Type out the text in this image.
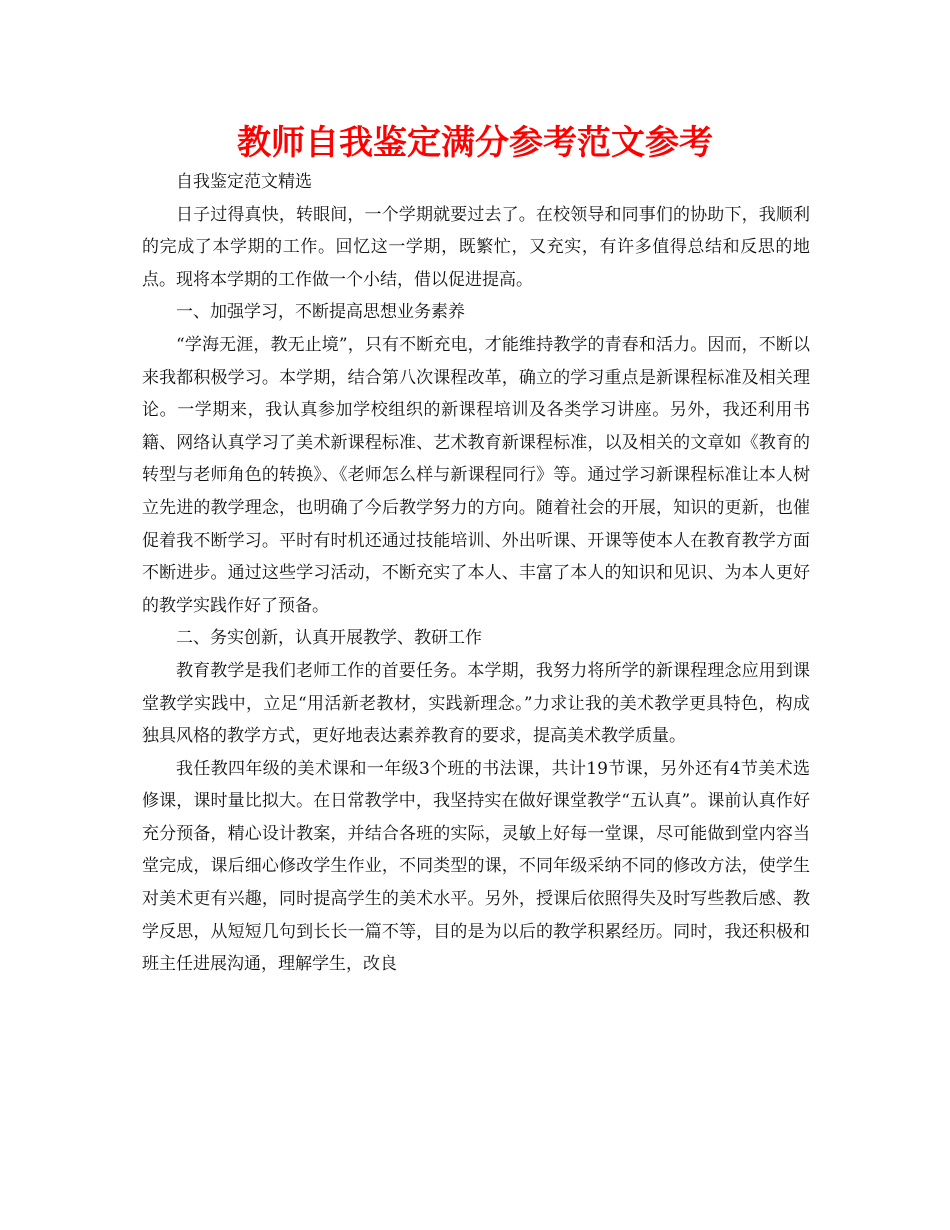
教师自我鉴定满分参考范文参考

自我鉴定范文精选

日子过得真快，转眼间，一个学期就要过去了。在校领导和同事们的协助下，我顺利的完成了本学期的工作。回忆这一学期，既繁忙，又充实，有许多值得总结和反思的地点。现将本学期的工作做一个小结，借以促进提高。

一、加强学习，不断提高思想业务素养

“学海无涯，教无止境”，只有不断充电，才能维持教学的青春和活力。因而，不断以来我都积极学习。本学期，结合第八次课程改革，确立的学习重点是新课程标准及相关理论。一学期来，我认真参加学校组织的新课程培训及各类学习讲座。另外，我还利用书籍、网络认真学习了美术新课程标准、艺术教育新课程标准，以及相关的文章如《教育的转型与老师角色的转换》、《老师怎么样与新课程同行》等。通过学习新课程标准让本人树立先进的教学理念，也明确了今后教学努力的方向。随着社会的开展，知识的更新，也催促着我不断学习。平时有时机还通过技能培训、外出听课、开课等使本人在教育教学方面不断进步。通过这些学习活动，不断充实了本人、丰富了本人的知识和见识、为本人更好的教学实践作好了预备。

二、务实创新，认真开展教学、教研工作

教育教学是我们老师工作的首要任务。本学期，我努力将所学的新课程理念应用到课堂教学实践中，立足“用活新老教材，实践新理念。”力求让我的美术教学更具特色，构成独具风格的教学方式，更好地表达素养教育的要求，提高美术教学质量。

我任教四年级的美术课和一年级3个班的书法课，共计19节课，另外还有4节美术选修课，课时量比拟大。在日常教学中，我坚持实在做好课堂教学“五认真”。课前认真作好充分预备，精心设计教案，并结合各班的实际，灵敏上好每一堂课，尽可能做到堂内容当堂完成，课后细心修改学生作业，不同类型的课，不同年级采纳不同的修改方法，使学生对美术更有兴趣，同时提高学生的美术水平。另外，授课后依照得失及时写些教后感、教学反思，从短短几句到长长一篇不等，目的是为以后的教学积累经历。同时，我还积极和班主任进展沟通，理解学生，改良
